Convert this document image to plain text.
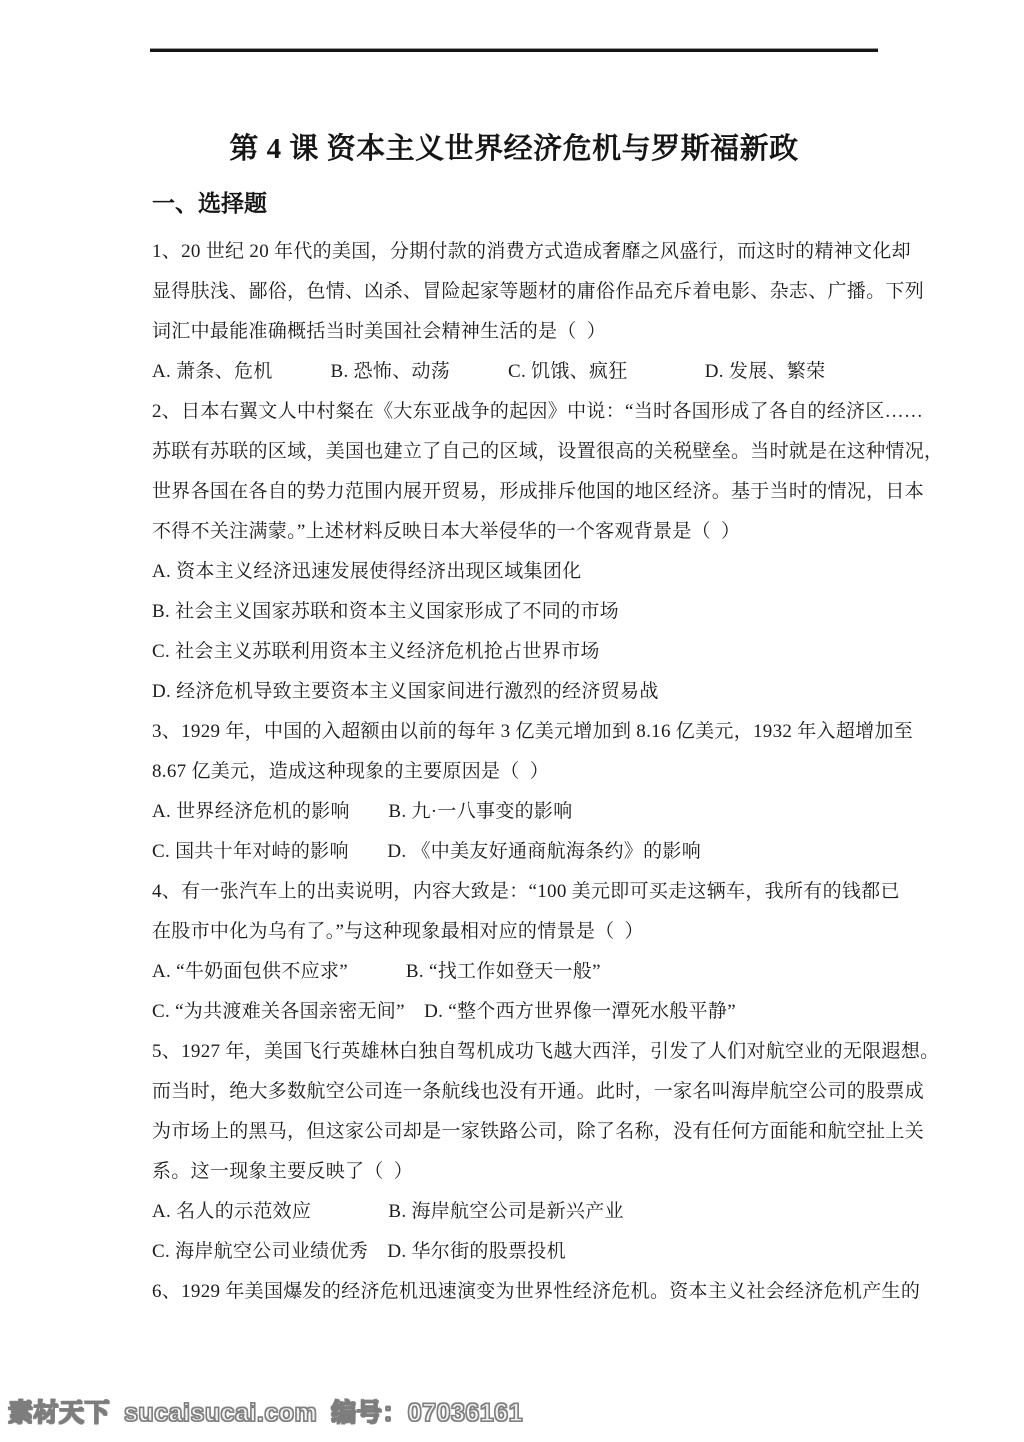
第 4 课 资本主义世界经济危机与罗斯福新政
一、选择题
1、20 世纪 20 年代的美国，分期付款的消费方式造成奢靡之风盛行，而这时的精神文化却
显得肤浅、鄙俗，色情、凶杀、冒险起家等题材的庸俗作品充斥着电影、杂志、广播。下列
词汇中最能准确概括当时美国社会精神生活的是（  ）
A. 萧条、危机　　　B. 恐怖、动荡　　　C. 饥饿、疯狂　　　　D. 发展、繁荣
2、日本右翼文人中村粲在《大东亚战争的起因》中说：“当时各国形成了各自的经济区……
苏联有苏联的区域，美国也建立了自己的区域，设置很高的关税壁垒。当时就是在这种情况，
世界各国在各自的势力范围内展开贸易，形成排斥他国的地区经济。基于当时的情况，日本
不得不关注满蒙。”上述材料反映日本大举侵华的一个客观背景是（  ）
A. 资本主义经济迅速发展使得经济出现区域集团化
B. 社会主义国家苏联和资本主义国家形成了不同的市场
C. 社会主义苏联利用资本主义经济危机抢占世界市场
D. 经济危机导致主要资本主义国家间进行激烈的经济贸易战
3、1929 年，中国的入超额由以前的每年 3 亿美元增加到 8.16 亿美元，1932 年入超增加至
8.67 亿美元，造成这种现象的主要原因是（  ）
A. 世界经济危机的影响　　B. 九·一八事变的影响
C. 国共十年对峙的影响　　D. 《中美友好通商航海条约》的影响
4、有一张汽车上的出卖说明，内容大致是：“100 美元即可买走这辆车，我所有的钱都已
在股市中化为乌有了。”与这种现象最相对应的情景是（  ）
A. “牛奶面包供不应求”　　　B. “找工作如登天一般”
C. “为共渡难关各国亲密无间”　D. “整个西方世界像一潭死水般平静”
5、1927 年，美国飞行英雄林白独自驾机成功飞越大西洋，引发了人们对航空业的无限遐想。
而当时，绝大多数航空公司连一条航线也没有开通。此时，一家名叫海岸航空公司的股票成
为市场上的黑马，但这家公司却是一家铁路公司，除了名称，没有任何方面能和航空扯上关
系。这一现象主要反映了（  ）
A. 名人的示范效应　　　　B. 海岸航空公司是新兴产业
C. 海岸航空公司业绩优秀　D. 华尔街的股票投机
6、1929 年美国爆发的经济危机迅速演变为世界性经济危机。资本主义社会经济危机产生的
素材天下 sucaisucai.com 编号：07036161
